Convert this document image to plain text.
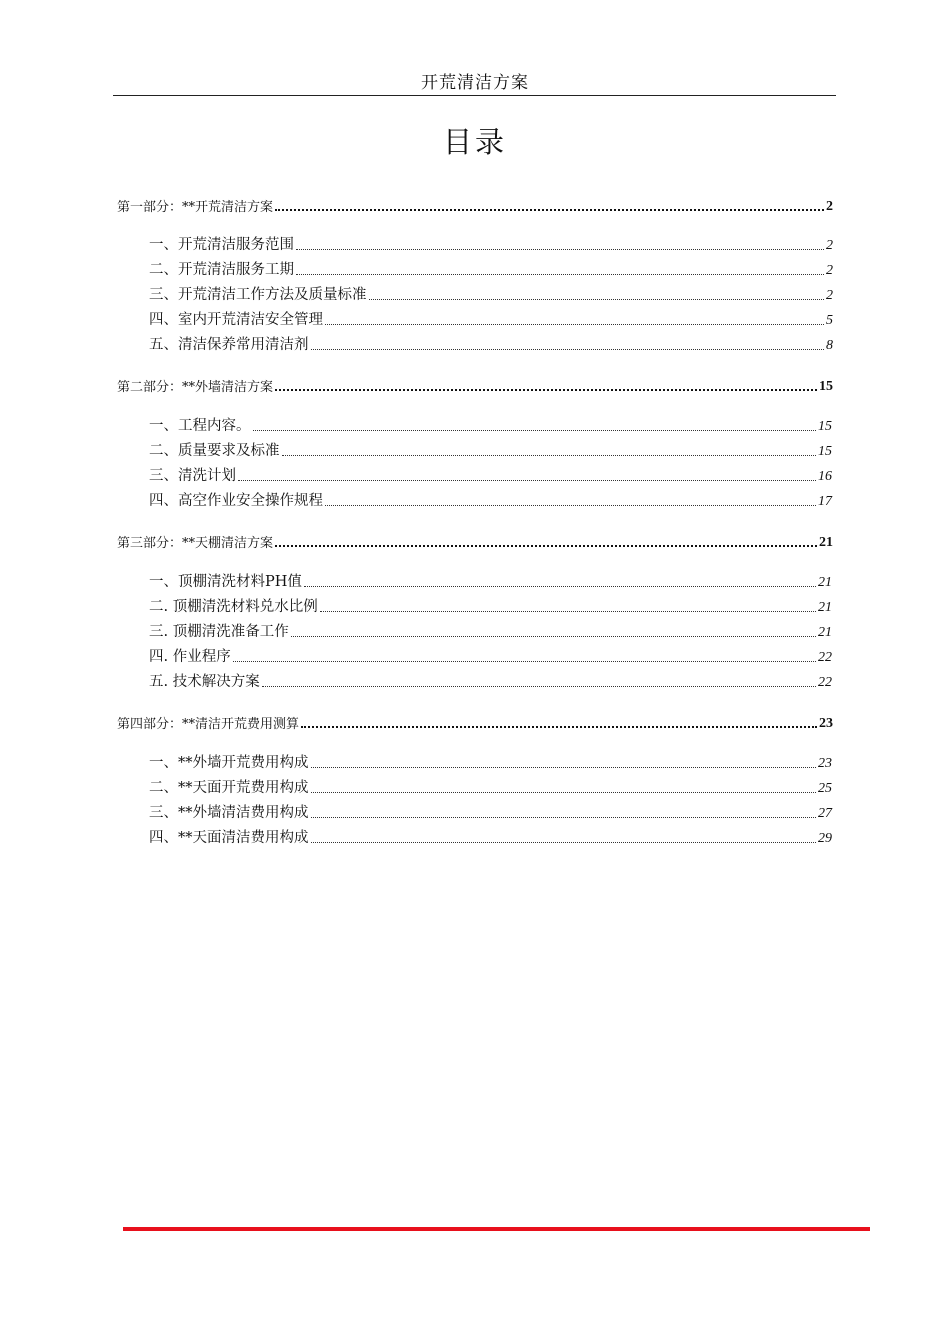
开荒清洁方案
目录
第一部分：**开荒清洁方案	2
一、开荒清洁服务范围	2
二、开荒清洁服务工期	2
三、开荒清洁工作方法及质量标准	2
四、室内开荒清洁安全管理	5
五、清洁保养常用清洁剂	8
第二部分：**外墙清洁方案	15
一、工程内容。	15
二、质量要求及标准	15
三、清洗计划	16
四、高空作业安全操作规程	17
第三部分：**天棚清洁方案	21
一、顶棚清洗材料PH值	21
二. 顶棚清洗材料兑水比例	21
三. 顶棚清洗准备工作	21
四. 作业程序	22
五. 技术解决方案	22
第四部分：**清洁开荒费用测算	23
一、**外墙开荒费用构成	23
二、**天面开荒费用构成	25
三、**外墙清洁费用构成	27
四、**天面清洁费用构成	29
